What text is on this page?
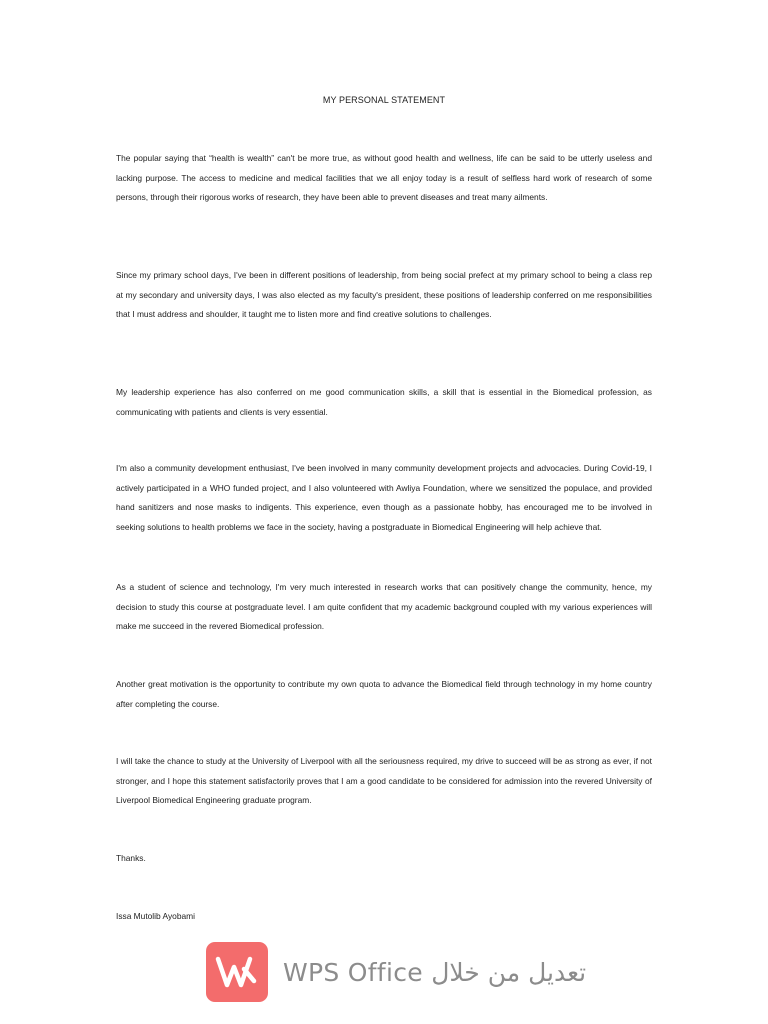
MY PERSONAL STATEMENT

The popular saying that “health is wealth” can't be more true, as without good health and wellness, life can be said to be utterly useless and lacking purpose. The access to medicine and medical facilities that we all enjoy today is a result of selfless hard work of research of some persons, through their rigorous works of research, they have been able to prevent diseases and treat many ailments.

Since my primary school days, I've been in different positions of leadership, from being social prefect at my primary school to being a class rep at my secondary and university days, I was also elected as my faculty's president, these positions of leadership conferred on me responsibilities that I must address and shoulder, it taught me to listen more and find creative solutions to challenges.

My leadership experience has also conferred on me good communication skills, a skill that is essential in the Biomedical profession, as communicating with patients and clients is very essential.

I'm also a community development enthusiast, I've been involved in many community development projects and advocacies. During Covid-19, I actively participated in a WHO funded project, and I also volunteered with Awliya Foundation, where we sensitized the populace, and provided hand sanitizers and nose masks to indigents. This experience, even though as a passionate hobby, has encouraged me to be involved in seeking solutions to health problems we face in the society, having a postgraduate in Biomedical Engineering will help achieve that.

As a student of science and technology, I'm very much interested in research works that can positively change the community, hence, my decision to study this course at postgraduate level. I am quite confident that my academic background coupled with my various experiences will make me succeed in the revered Biomedical profession.

Another great motivation is the opportunity to contribute my own quota to advance the Biomedical field through technology in my home country after completing the course.

I will take the chance to study at the University of Liverpool with all the seriousness required, my drive to succeed will be as strong as ever, if not stronger, and I hope this statement satisfactorily proves that I am a good candidate to be considered for admission into the revered University of Liverpool Biomedical Engineering graduate program.

Thanks.

Issa Mutolib Ayobami

WPS Office تعديل من خلال
